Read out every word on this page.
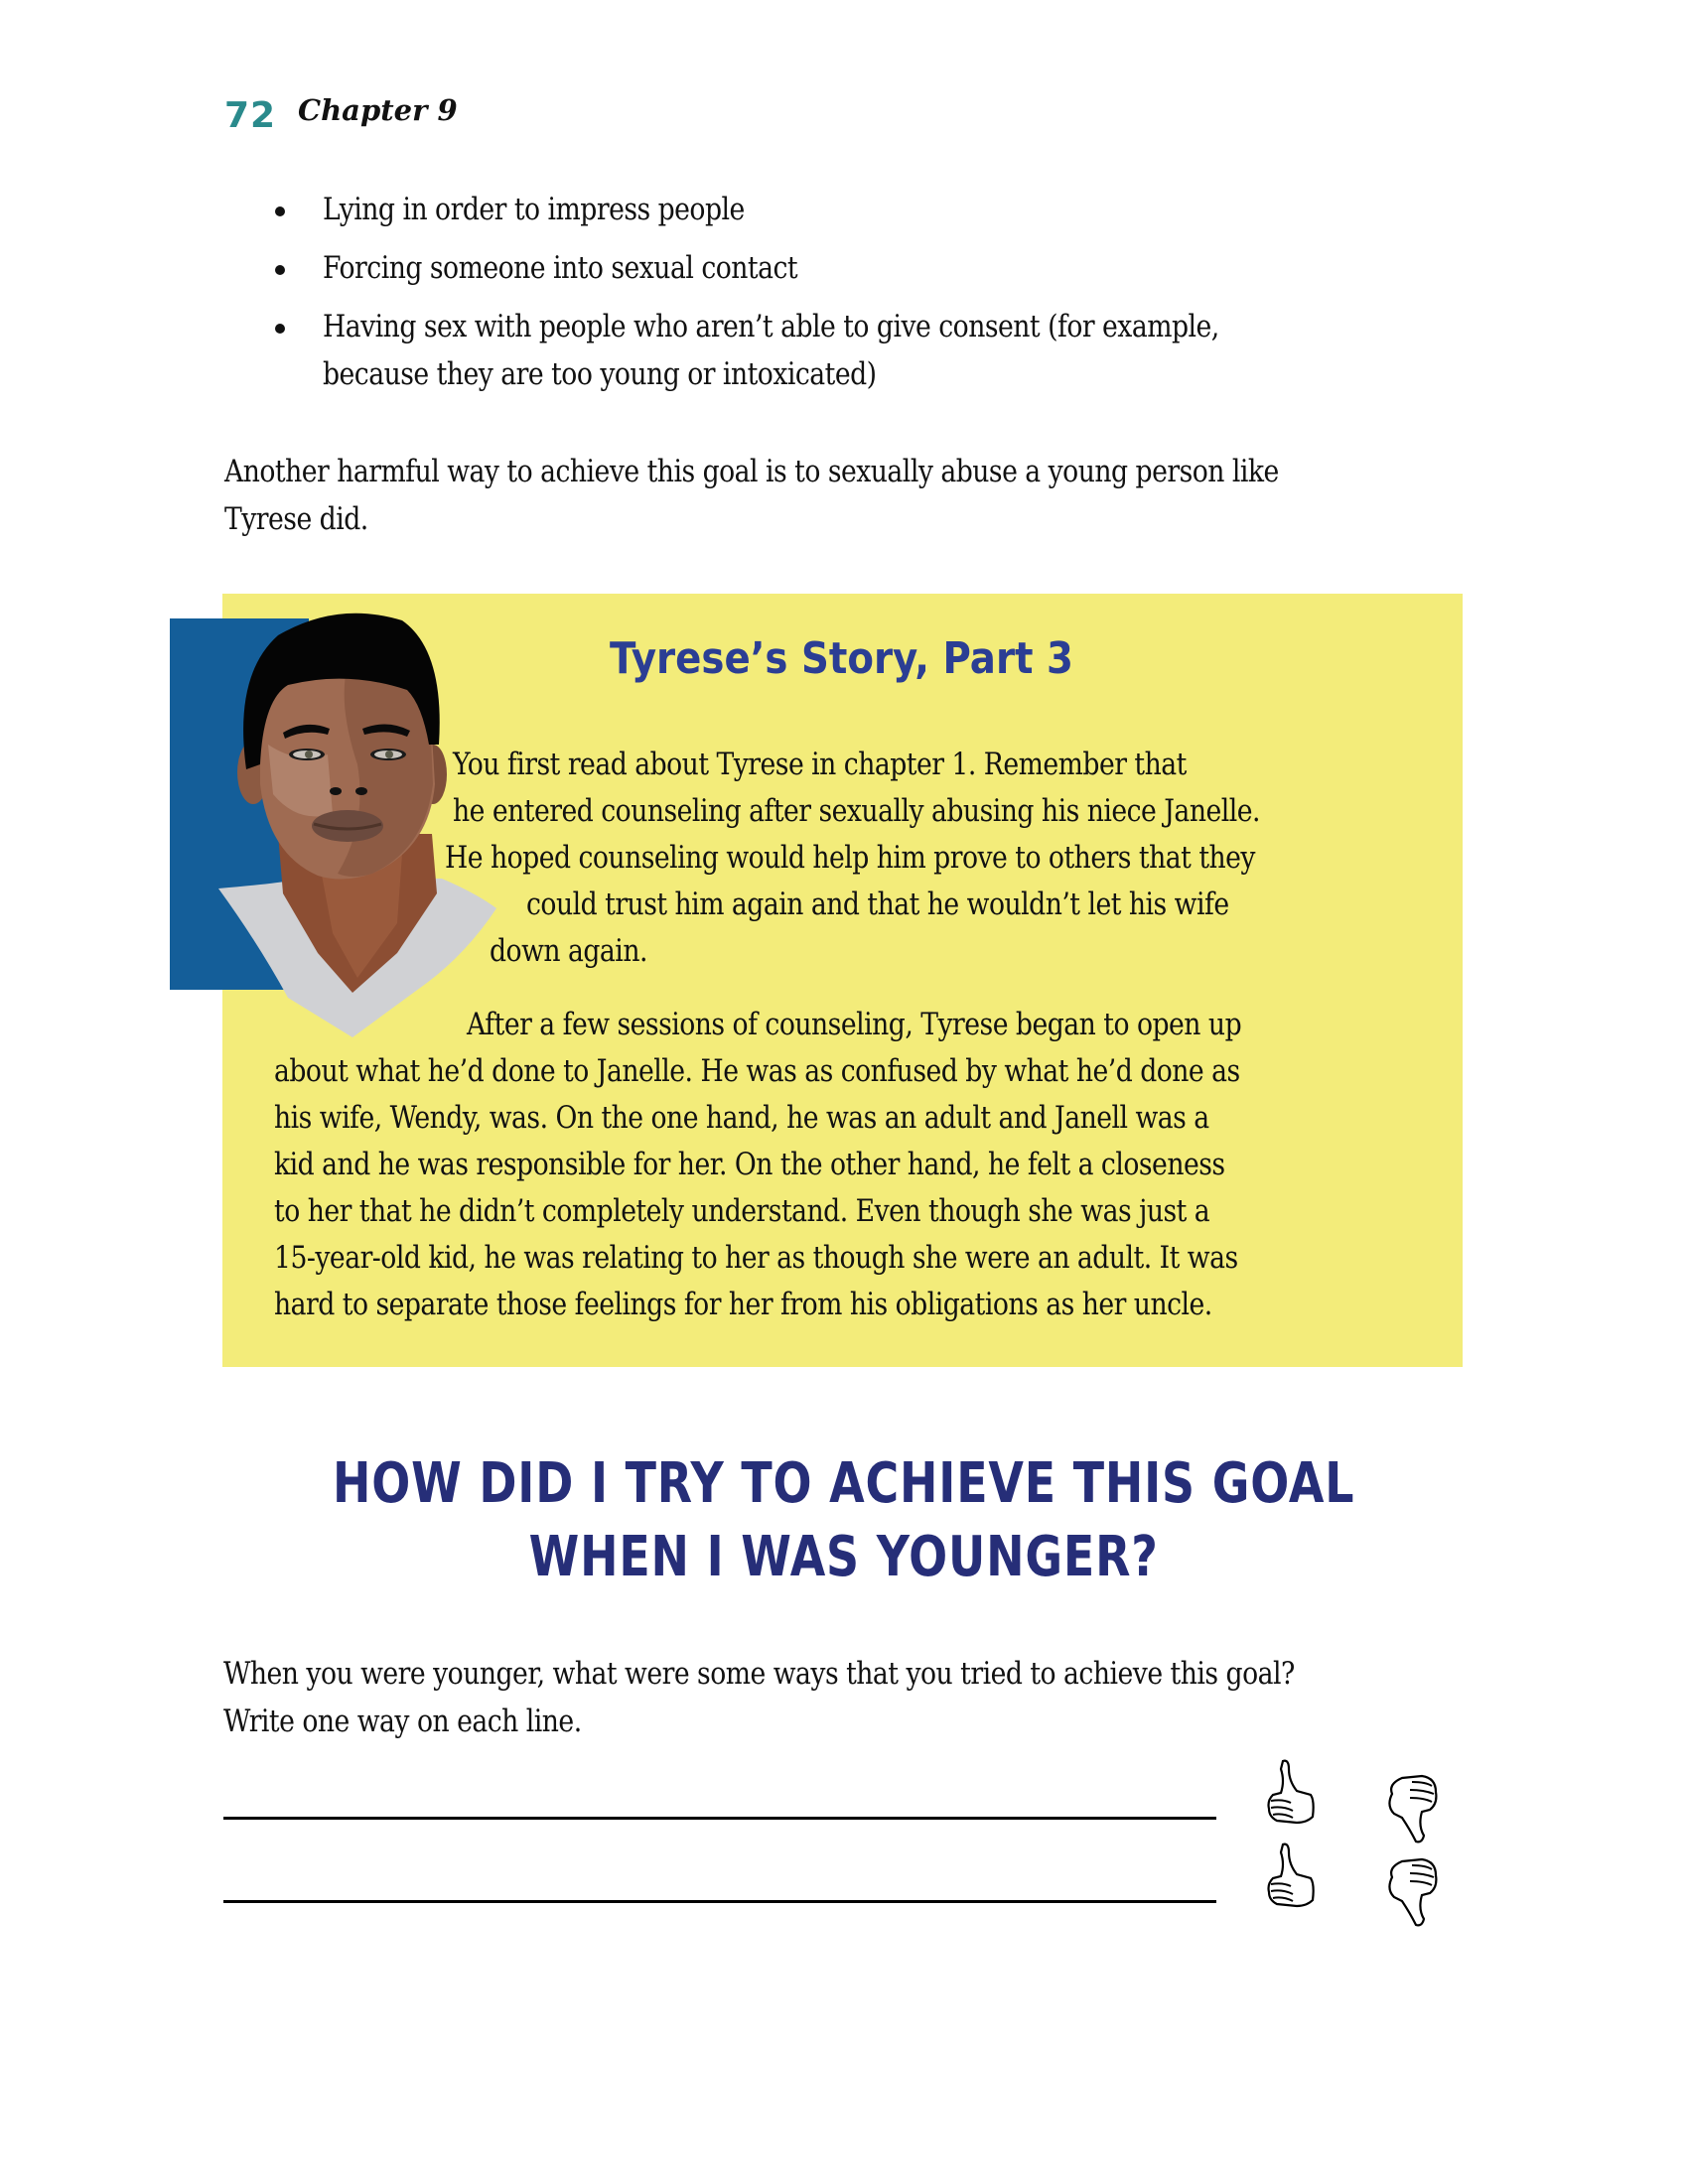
72 Chapter 9
Lying in order to impress people
Forcing someone into sexual contact
Having sex with people who aren’t able to give consent (for example,
because they are too young or intoxicated)
Another harmful way to achieve this goal is to sexually abuse a young person like
Tyrese did.
Tyrese’s Story, Part 3
You first read about Tyrese in chapter 1. Remember that
he entered counseling after sexually abusing his niece Janelle.
He hoped counseling would help him prove to others that they
could trust him again and that he wouldn’t let his wife
down again.
After a few sessions of counseling, Tyrese began to open up
about what he’d done to Janelle. He was as confused by what he’d done as
his wife, Wendy, was. On the one hand, he was an adult and Janell was a
kid and he was responsible for her. On the other hand, he felt a closeness
to her that he didn’t completely understand. Even though she was just a
15-year-old kid, he was relating to her as though she were an adult. It was
hard to separate those feelings for her from his obligations as her uncle.
HOW DID I TRY TO ACHIEVE THIS GOAL
WHEN I WAS YOUNGER?
When you were younger, what were some ways that you tried to achieve this goal?
Write one way on each line.
